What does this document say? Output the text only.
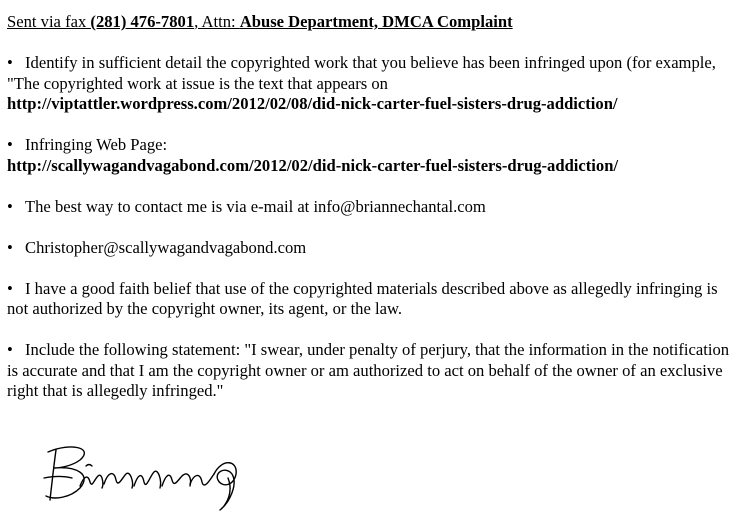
Sent via fax (281) 476-7801, Attn: Abuse Department, DMCA Complaint
• Identify in sufficient detail the copyrighted work that you believe has been infringed upon (for example, "The copyrighted work at issue is the text that appears on
http://viptattler.wordpress.com/2012/02/08/did-nick-carter-fuel-sisters-drug-addiction/
• Infringing Web Page:
http://scallywagandvagabond.com/2012/02/did-nick-carter-fuel-sisters-drug-addiction/
• The best way to contact me is via e-mail at info@briannechantal.com
• Christopher@scallywagandvagabond.com
• I have a good faith belief that use of the copyrighted materials described above as allegedly infringing is not authorized by the copyright owner, its agent, or the law.
• Include the following statement: "I swear, under penalty of perjury, that the information in the notification is accurate and that I am the copyright owner or am authorized to act on behalf of the owner of an exclusive right that is allegedly infringed."
